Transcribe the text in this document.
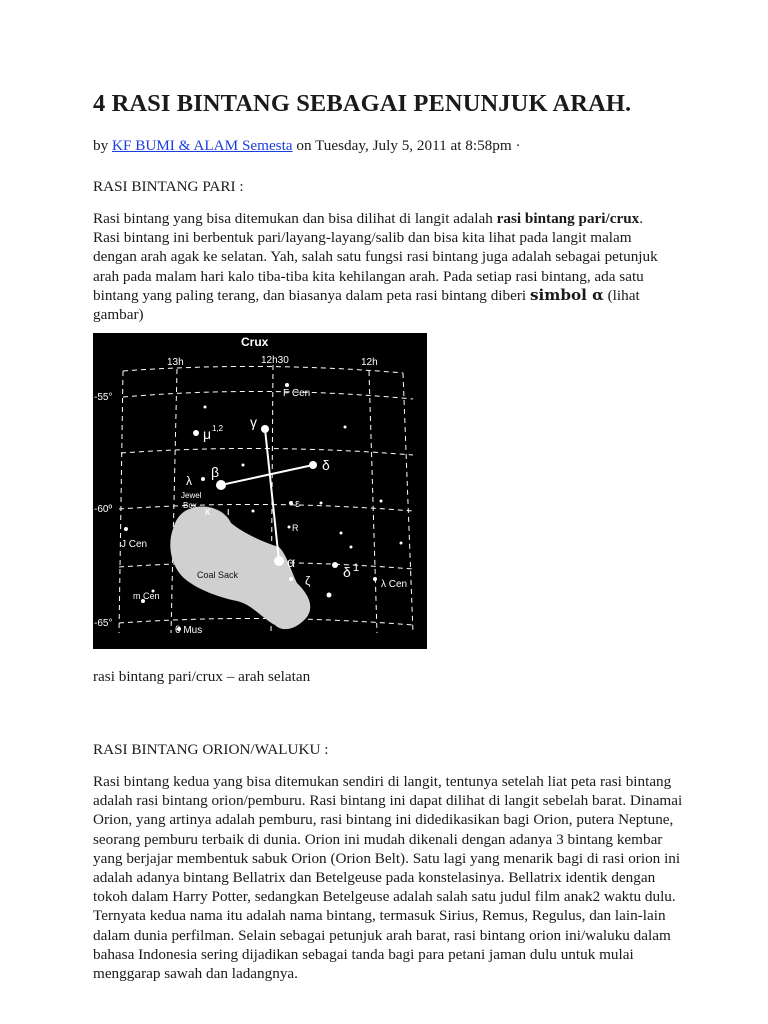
4 RASI BINTANG SEBAGAI PENUNJUK ARAH.
by KF BUMI & ALAM Semesta on Tuesday, July 5, 2011 at 8:58pm ·

RASI BINTANG PARI :

Rasi bintang yang bisa ditemukan dan bisa dilihat di langit adalah rasi bintang pari/crux. Rasi bintang ini berbentuk pari/layang-layang/salib dan bisa kita lihat pada langit malam dengan arah agak ke selatan. Yah, salah satu fungsi rasi bintang juga adalah sebagai petunjuk arah pada malam hari kalo tiba-tiba kita kehilangan arah. Pada setiap rasi bintang, ada satu bintang yang paling terang, dan biasanya dalam peta rasi bintang diberi simbol α (lihat gambar)

Crux
13h	12h30	12h
-55°
-60º
-65°
F Cen
μ 1,2 γ
δ
λ
β
Jewel
Box
κ ι
ε
R
J Cen
α
ζ
δ 1
λ Cen
m Cen
θ Mus
Coal Sack

rasi bintang pari/crux – arah selatan

RASI BINTANG ORION/WALUKU :

Rasi bintang kedua yang bisa ditemukan sendiri di langit, tentunya setelah liat peta rasi bintang adalah rasi bintang orion/pemburu. Rasi bintang ini dapat dilihat di langit sebelah barat. Dinamai Orion, yang artinya adalah pemburu, rasi bintang ini didedikasikan bagi Orion, putera Neptune, seorang pemburu terbaik di dunia. Orion ini mudah dikenali dengan adanya 3 bintang kembar yang berjajar membentuk sabuk Orion (Orion Belt). Satu lagi yang menarik bagi di rasi orion ini adalah adanya bintang Bellatrix dan Betelgeuse pada konstelasinya. Bellatrix identik dengan tokoh dalam Harry Potter, sedangkan Betelgeuse adalah salah satu judul film anak2 waktu dulu. Ternyata kedua nama itu adalah nama bintang, termasuk Sirius, Remus, Regulus, dan lain-lain dalam dunia perfilman. Selain sebagai petunjuk arah barat, rasi bintang orion ini/waluku dalam bahasa Indonesia sering dijadikan sebagai tanda bagi para petani jaman dulu untuk mulai menggarap sawah dan ladangnya.
